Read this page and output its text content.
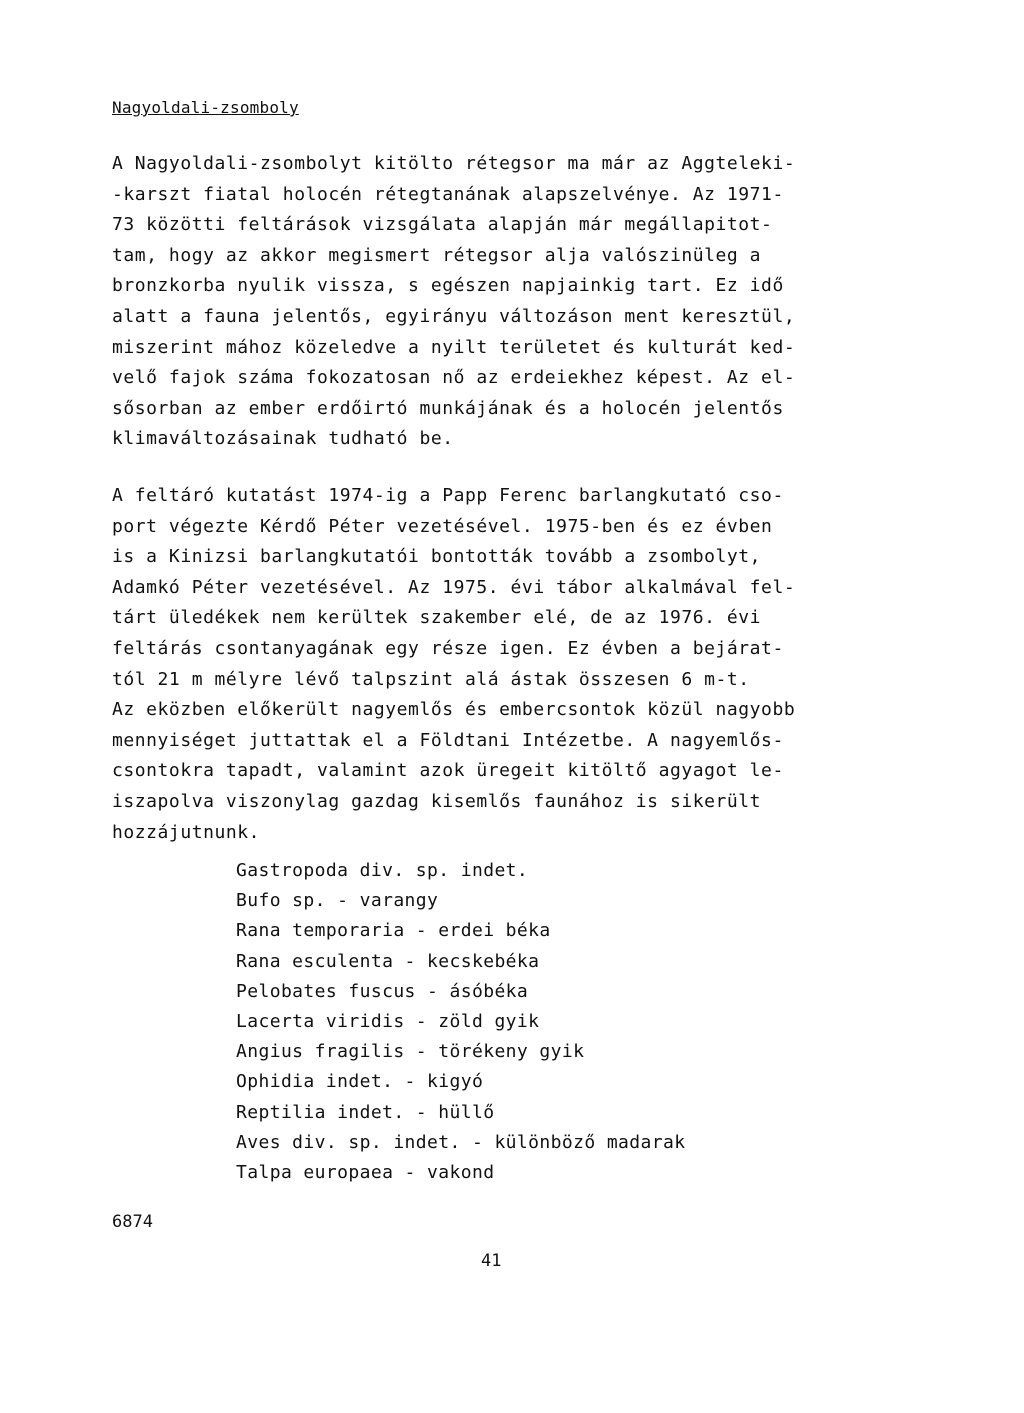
Nagyoldali-zsomboly
A Nagyoldali-zsombolyt kitölto rétegsor ma már az Aggteleki-
-karszt fiatal holocén rétegtanának alapszelvénye. Az 1971-
73 közötti feltárások vizsgálata alapján már megállapitot-
tam, hogy az akkor megismert rétegsor alja valószinüleg a
bronzkorba nyulik vissza, s egészen napjainkig tart. Ez idő
alatt a fauna jelentős, egyirányu változáson ment keresztül,
miszerint mához közeledve a nyilt területet és kulturát ked-
velő fajok száma fokozatosan nő az erdeiekhez képest. Az el-
sősorban az ember erdőirtó munkájának és a holocén jelentős
klimaváltozásainak tudható be.
A feltáró kutatást 1974-ig a Papp Ferenc barlangkutató cso-
port végezte Kérdő Péter vezetésével. 1975-ben és ez évben
is a Kinizsi barlangkutatói bontották tovább a zsombolyt,
Adamkó Péter vezetésével. Az 1975. évi tábor alkalmával fel-
tárt üledékek nem kerültek szakember elé, de az 1976. évi
feltárás csontanyagának egy része igen. Ez évben a bejárat-
tól 21 m mélyre lévő talpszint alá ástak összesen 6 m-t.
Az eközben előkerült nagyemlős és embercsontok közül nagyobb
mennyiséget juttattak el a Földtani Intézetbe. A nagyemlős-
csontokra tapadt, valamint azok üregeit kitöltő agyagot le-
iszapolva viszonylag gazdag kisemlős faunához is sikerült
hozzájutnunk.
Gastropoda div. sp. indet.
Bufo sp. - varangy
Rana temporaria - erdei béka
Rana esculenta - kecskebéka
Pelobates fuscus - ásóbéka
Lacerta viridis - zöld gyik
Angius fragilis - törékeny gyik
Ophidia indet. - kigyó
Reptilia indet. - hüllő
Aves div. sp. indet. - különböző madarak
Talpa europaea - vakond
6874
41
